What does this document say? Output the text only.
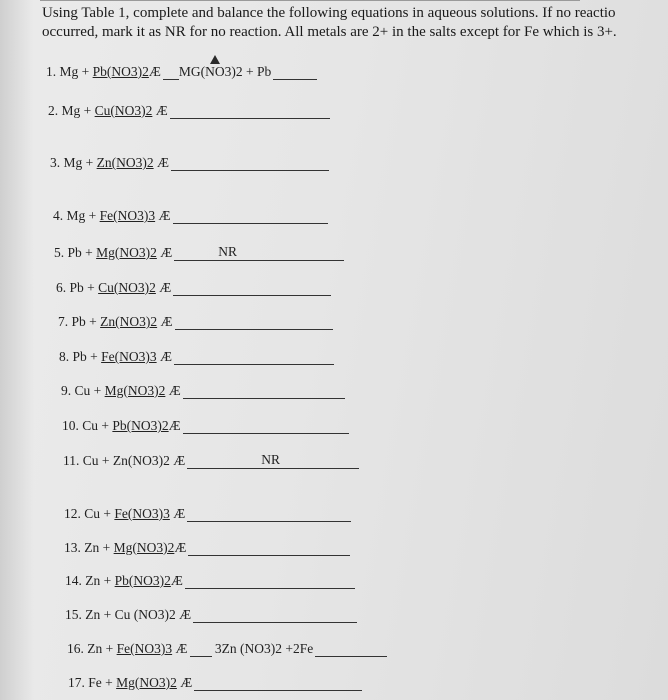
Using Table 1, complete and balance the following equations in aqueous solutions. If no reactio
occurred, mark it as NR for no reaction. All metals are 2+ in the salts except for Fe which is 3+.
1.
Mg +
Pb(NO3)2 Æ MG(NO3)2 + Pb
2.
Mg +
Cu(NO3)2
Æ
3.
Mg +
Zn(NO3)2
Æ
4.
Mg +
Fe(NO3)3
Æ
5.
Pb +
Mg(NO3)2
Æ	NR
6.
Pb +
Cu(NO3)2
Æ
7.
Pb +
Zn(NO3)2
Æ
8.
Pb +
Fe(NO3)3
Æ
9.
Cu +
Mg(NO3)2
Æ
10.
Cu +
Pb(NO3)2 Æ
11.
Cu + Zn(NO3)2
Æ	NR
12.
Cu +
Fe(NO3)3
Æ
13.
Zn +
Mg(NO3)2 Æ
14.
Zn +
Pb(NO3)2 Æ
15.
Zn + Cu (NO3)2
Æ
16.
Zn +
Fe(NO3)3
Æ
3Zn (NO3)2 +2Fe
17.
Fe +
Mg(NO3)2
Æ
